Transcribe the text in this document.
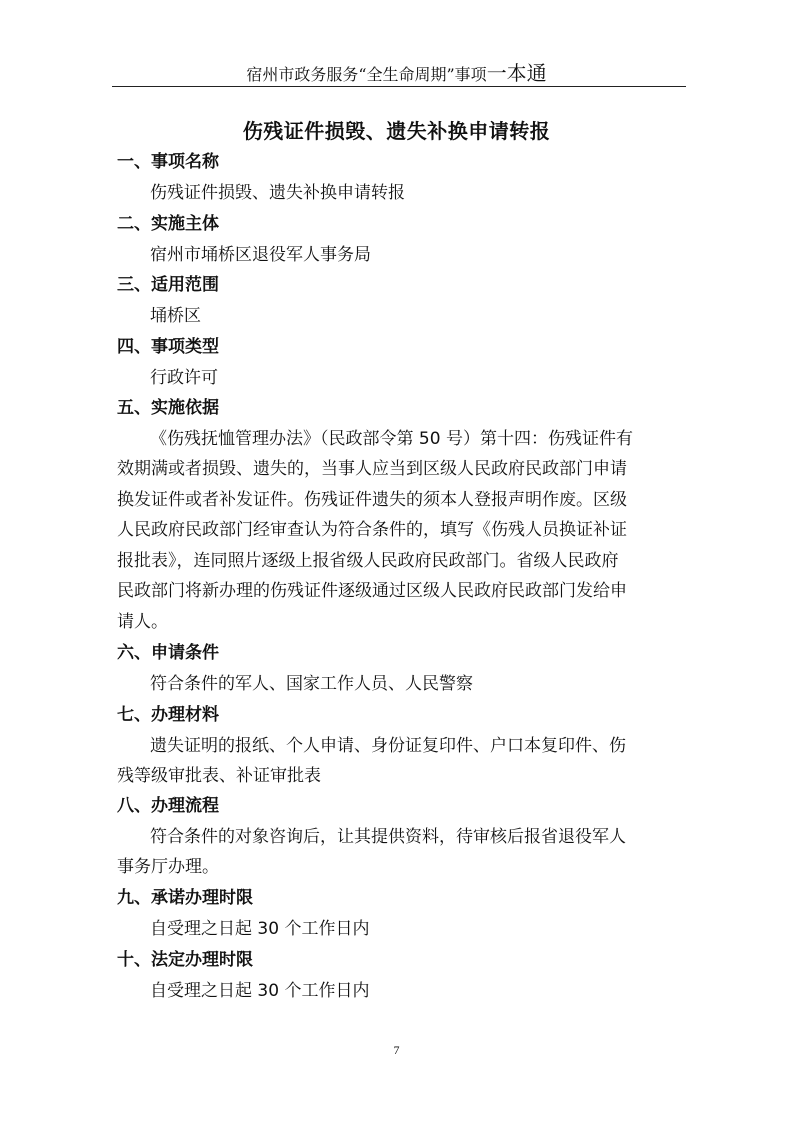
宿州市政务服务“全生命周期”事项一本通
伤残证件损毁、遗失补换申请转报
一、事项名称
伤残证件损毁、遗失补换申请转报
二、实施主体
宿州市埇桥区退役军人事务局
三、适用范围
埇桥区
四、事项类型
行政许可
五、实施依据
《伤残抚恤管理办法》（民政部令第 50 号）第十四：伤残证件有
效期满或者损毁、遗失的，当事人应当到区级人民政府民政部门申请
换发证件或者补发证件。伤残证件遗失的须本人登报声明作废。区级
人民政府民政部门经审查认为符合条件的，填写《伤残人员换证补证
报批表》，连同照片逐级上报省级人民政府民政部门。省级人民政府
民政部门将新办理的伤残证件逐级通过区级人民政府民政部门发给申
请人。
六、申请条件
符合条件的军人、国家工作人员、人民警察
七、办理材料
遗失证明的报纸、个人申请、身份证复印件、户口本复印件、伤
残等级审批表、补证审批表
八、办理流程
符合条件的对象咨询后，让其提供资料，待审核后报省退役军人
事务厅办理。
九、承诺办理时限
自受理之日起 30 个工作日内
十、法定办理时限
自受理之日起 30 个工作日内
7
